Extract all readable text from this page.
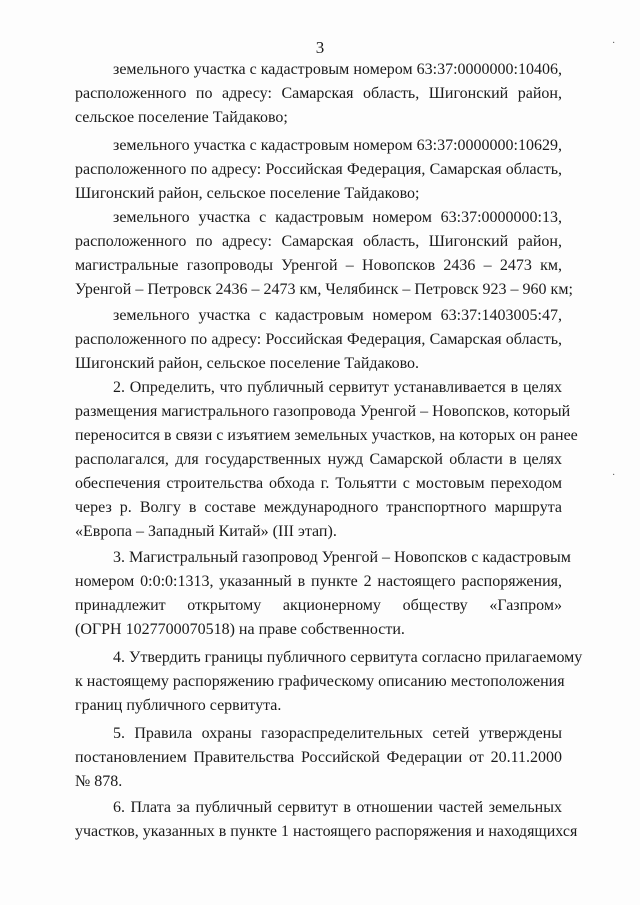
3
земельного участка с кадастровым номером 63:37:0000000:10406,
расположенного по адресу: Самарская область, Шигонский район,
сельское поселение Тайдаково;
земельного участка с кадастровым номером 63:37:0000000:10629,
расположенного по адресу: Российская Федерация, Самарская область,
Шигонский район, сельское поселение Тайдаково;
земельного участка с кадастровым номером 63:37:0000000:13,
расположенного по адресу: Самарская область, Шигонский район,
магистральные газопроводы Уренгой – Новопсков 2436 – 2473 км,
Уренгой – Петровск 2436 – 2473 км, Челябинск – Петровск 923 – 960 км;
земельного участка с кадастровым номером 63:37:1403005:47,
расположенного по адресу: Российская Федерация, Самарская область,
Шигонский район, сельское поселение Тайдаково.
2. Определить, что публичный сервитут устанавливается в целях
размещения магистрального газопровода Уренгой – Новопсков, который
переносится в связи с изъятием земельных участков, на которых он ранее
располагался, для государственных нужд Самарской области в целях
обеспечения строительства обхода г. Тольятти с мостовым переходом
через р. Волгу в составе международного транспортного маршрута
«Европа – Западный Китай» (III этап).
3. Магистральный газопровод Уренгой – Новопсков с кадастровым
номером 0:0:0:1313, указанный в пункте 2 настоящего распоряжения,
принадлежит открытому акционерному обществу «Газпром»
(ОГРН 1027700070518) на праве собственности.
4. Утвердить границы публичного сервитута согласно прилагаемому
к настоящему распоряжению графическому описанию местоположения
границ публичного сервитута.
5. Правила охраны газораспределительных сетей утверждены
постановлением Правительства Российской Федерации от 20.11.2000
№ 878.
6. Плата за публичный сервитут в отношении частей земельных
участков, указанных в пункте 1 настоящего распоряжения и находящихся
·
·
